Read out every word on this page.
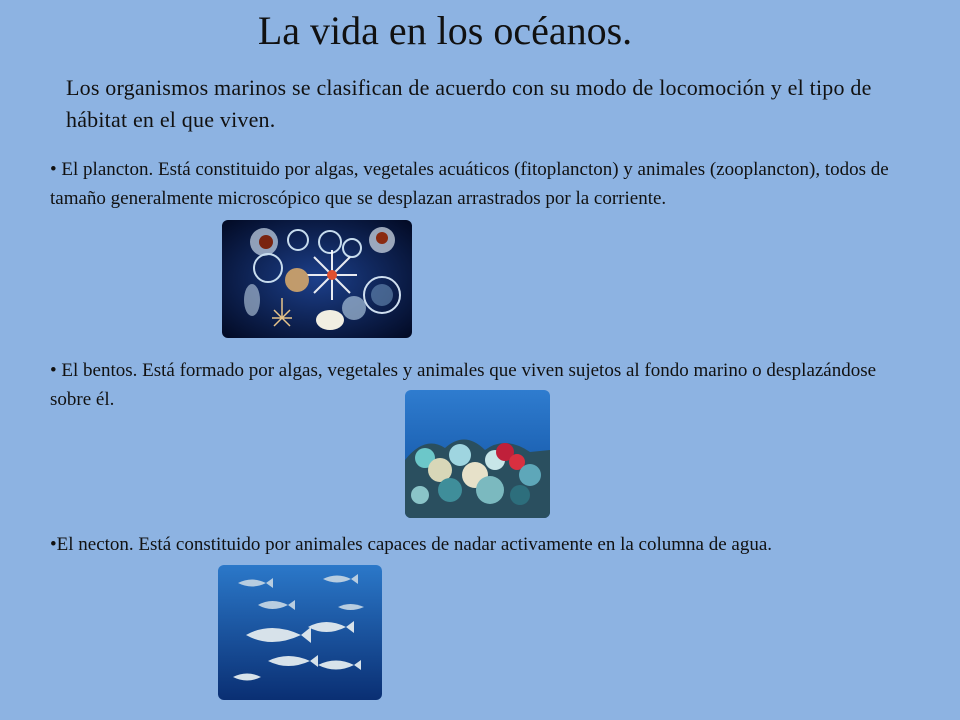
La vida en los océanos.
Los organismos marinos se clasifican de acuerdo con su modo de locomoción y el tipo de hábitat en el que viven.
• El plancton. Está constituido por algas, vegetales acuáticos (fitoplancton) y animales (zooplancton), todos de tamaño generalmente microscópico que se desplazan arrastrados por la corriente.
• El bentos. Está formado por algas, vegetales y animales que viven sujetos al fondo marino o desplazándose sobre él.
•El necton. Está constituido por animales capaces de nadar activamente en la columna de agua.
